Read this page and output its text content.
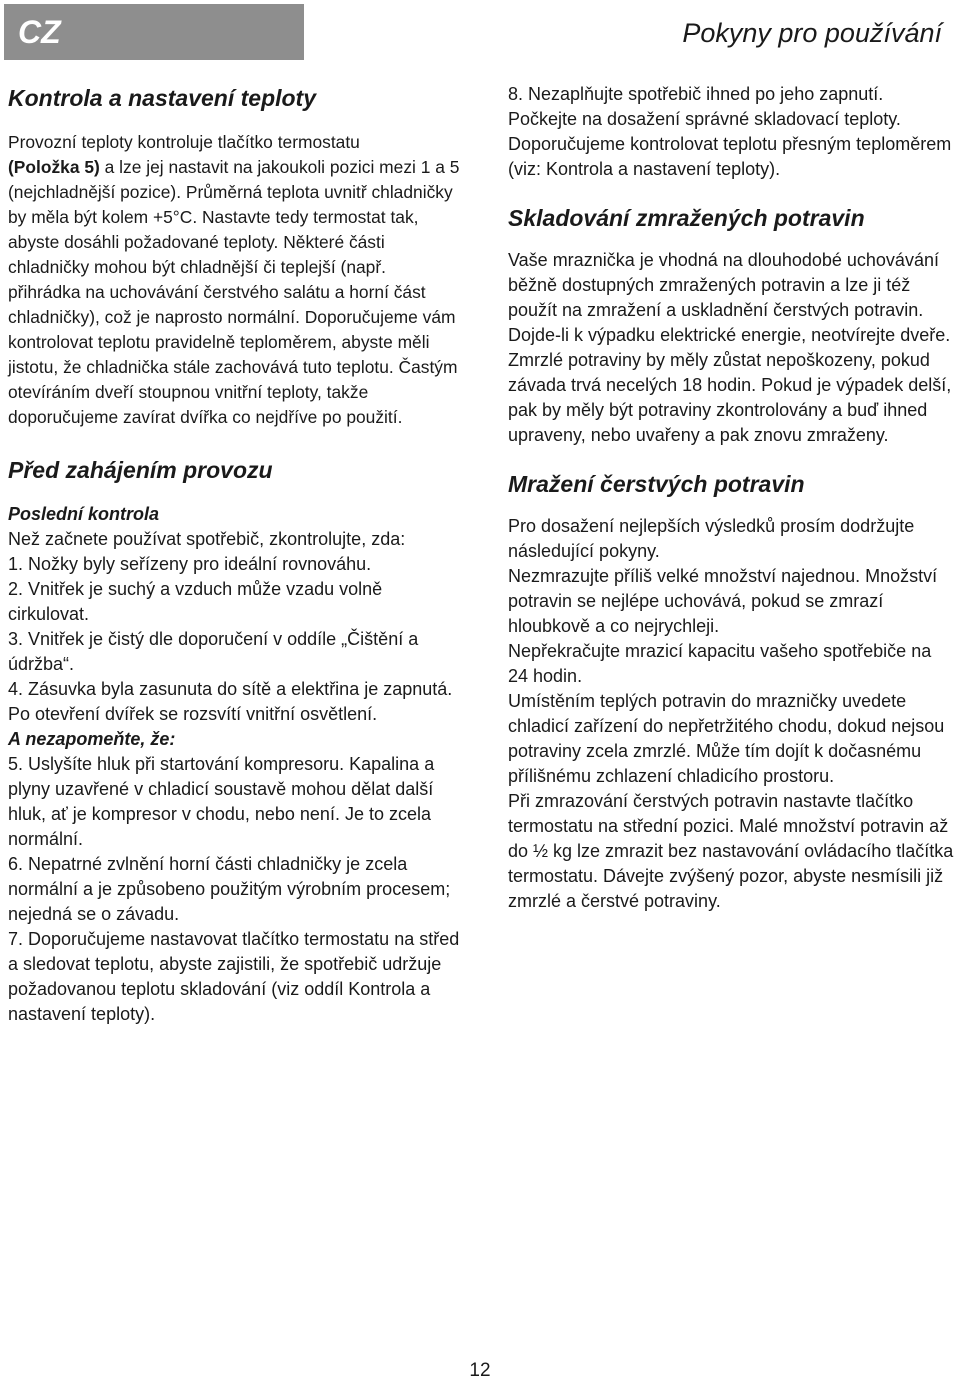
CZ	Pokyny pro používání
Kontrola a nastavení teploty

Provozní teploty kontroluje tlačítko termostatu
(Položka 5) a lze jej nastavit na jakoukoli pozici mezi 1 a 5 (nejchladnější pozice). Průměrná teplota uvnitř chladničky by měla být kolem +5°C. Nastavte tedy termostat tak, abyste dosáhli požadované teploty. Některé části chladničky mohou být chladnější či teplejší (např. přihrádka na uchovávání čerstvého salátu a horní část chladničky), což je naprosto normální. Doporučujeme vám kontrolovat teplotu pravidelně teploměrem, abyste měli jistotu, že chladnička stále zachovává tuto teplotu. Častým otevíráním dveří stoupnou vnitřní teploty, takže doporučujeme zavírat dvířka co nejdříve po použití.

Před zahájením provozu
Poslední kontrola

Než začnete používat spotřebič, zkontrolujte, zda:

1. Nožky byly seřízeny pro ideální rovnováhu.

2. Vnitřek je suchý a vzduch může vzadu volně cirkulovat.

3. Vnitřek je čistý dle doporučení v oddíle „Čištění a údržba“.

4. Zásuvka byla zasunuta do sítě a elektřina je zapnutá. Po otevření dvířek se rozsvítí vnitřní osvětlení.

A nezapomeňte, že:

5. Uslyšíte hluk při startování kompresoru. Kapalina a plyny uzavřené v chladicí soustavě mohou dělat další hluk, ať je kompresor v chodu, nebo není. Je to zcela normální.

6. Nepatrné zvlnění horní části chladničky je zcela normální a je způsobeno použitým výrobním procesem; nejedná se o závadu.

7. Doporučujeme nastavovat tlačítko termostatu na střed a sledovat teplotu, abyste zajistili, že spotřebič udržuje požadovanou teplotu skladování (viz oddíl Kontrola a nastavení teploty).

8. Nezaplňujte spotřebič ihned po jeho zapnutí. Počkejte na dosažení správné skladovací teploty. Doporučujeme kontrolovat teplotu přesným teploměrem (viz: Kontrola a nastavení teploty).

Skladování zmražených potravin

Vaše mraznička je vhodná na dlouhodobé uchovávání běžně dostupných zmražených potravin a lze ji též použít na zmražení a uskladnění čerstvých potravin.

Dojde-li k výpadku elektrické energie, neotvírejte dveře. Zmrzlé potraviny by měly zůstat nepoškozeny, pokud závada trvá necelých 18 hodin. Pokud je výpadek delší, pak by měly být potraviny zkontrolovány a buď ihned upraveny, nebo uvařeny a pak znovu zmraženy.

Mražení čerstvých potravin

Pro dosažení nejlepších výsledků prosím dodržujte následující pokyny.

Nezmrazujte příliš velké množství najednou. Množství potravin se nejlépe uchovává, pokud se zmrazí hloubkově a co nejrychleji.

Nepřekračujte mrazicí kapacitu vašeho spotřebiče na 24 hodin.

Umístěním teplých potravin do mrazničky uvedete chladicí zařízení do nepřetržitého chodu, dokud nejsou potraviny zcela zmrzlé. Může tím dojít k dočasnému přílišnému zchlazení chladicího prostoru.

Při zmrazování čerstvých potravin nastavte tlačítko termostatu na střední pozici. Malé množství potravin až do ½ kg lze zmrazit bez nastavování ovládacího tlačítka termostatu. Dávejte zvýšený pozor, abyste nesmísili již zmrzlé a čerstvé potraviny.

12
